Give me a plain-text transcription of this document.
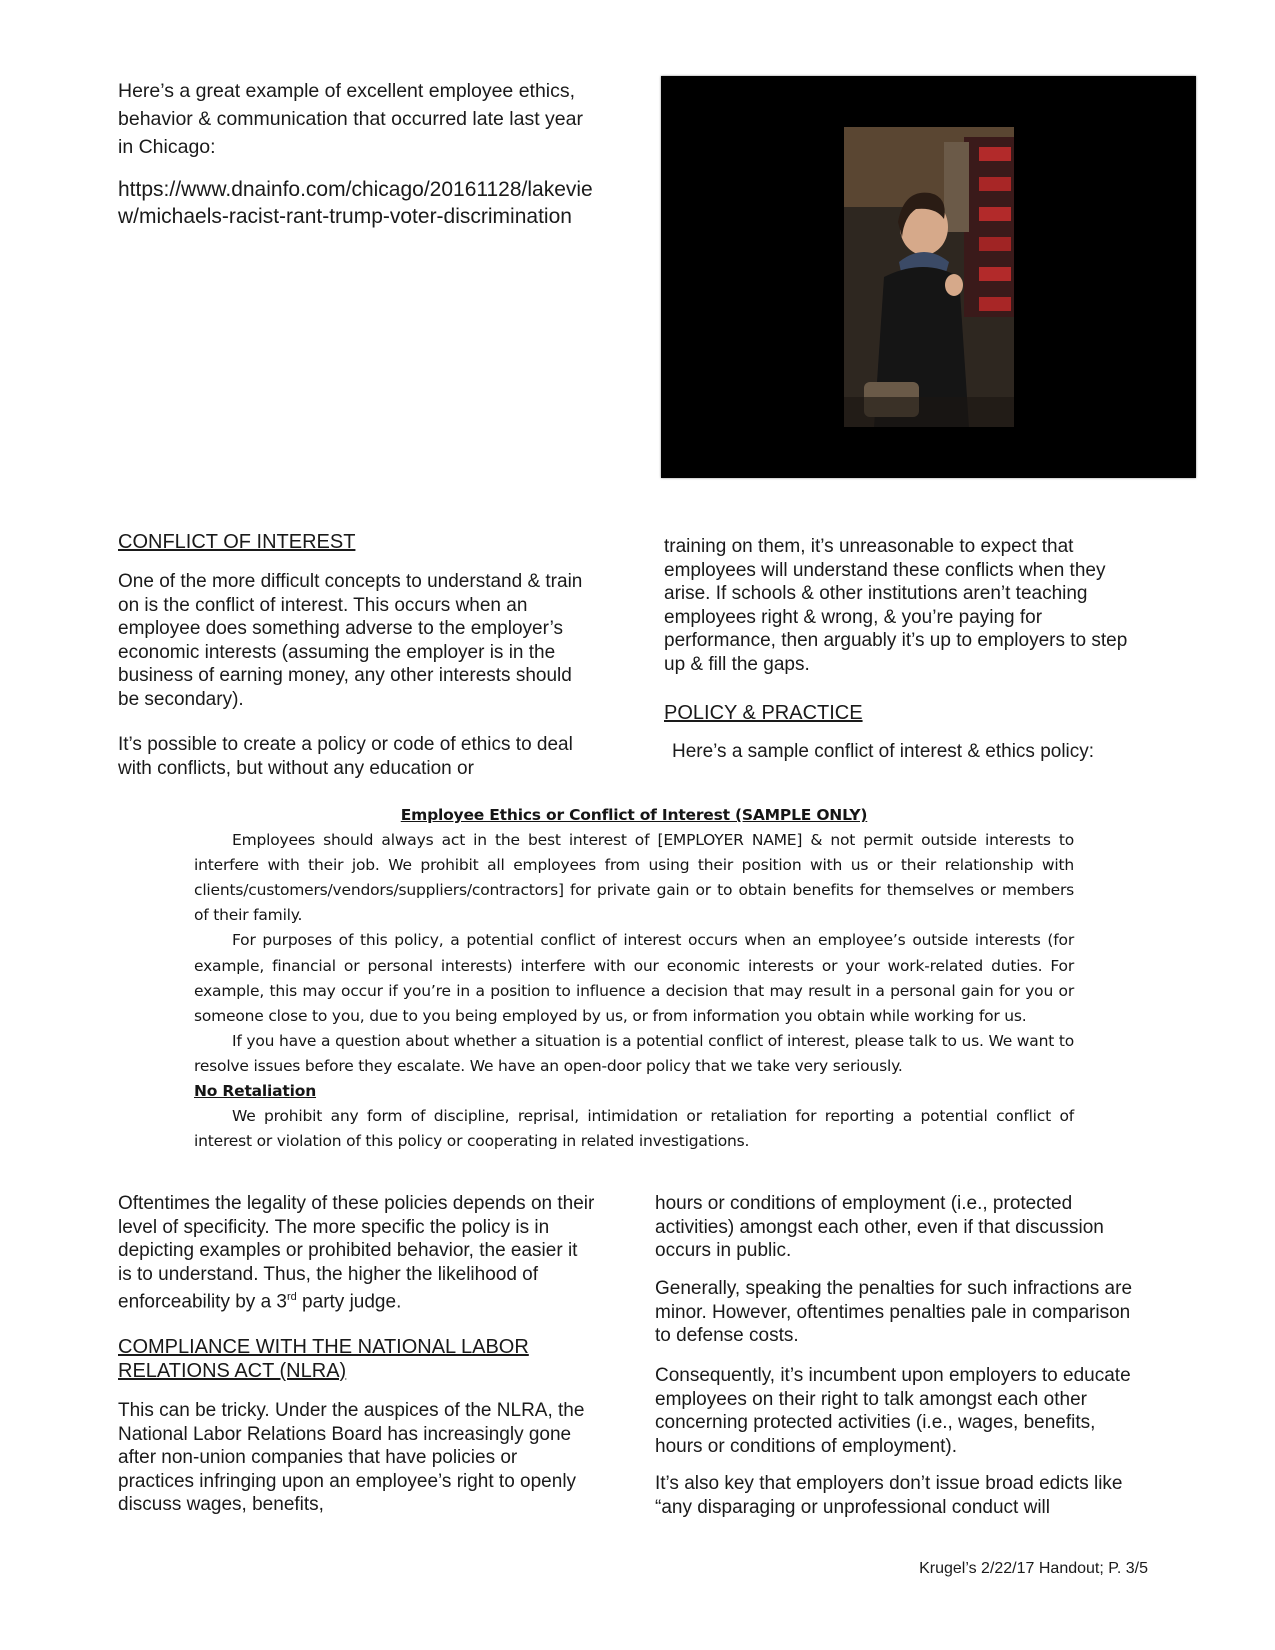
Here’s a great example of excellent employee ethics, behavior & communication that occurred late last year in Chicago:

https://www.dnainfo.com/chicago/20161128/lakeview/michaels-racist-rant-trump-voter-discrimination

CONFLICT OF INTEREST

One of the more difficult concepts to understand & train on is the conflict of interest. This occurs when an employee does something adverse to the employer’s economic interests (assuming the employer is in the business of earning money, any other interests should be secondary).

It’s possible to create a policy or code of ethics to deal with conflicts, but without any education or

training on them, it’s unreasonable to expect that employees will understand these conflicts when they arise. If schools & other institutions aren’t teaching employees right & wrong, & you’re paying for performance, then arguably it’s up to employers to step up & fill the gaps.

POLICY & PRACTICE

Here’s a sample conflict of interest & ethics policy:

Employee Ethics or Conflict of Interest (SAMPLE ONLY)

Employees should always act in the best interest of [EMPLOYER NAME] & not permit outside interests to interfere with their job. We prohibit all employees from using their position with us or their relationship with clients/customers/vendors/suppliers/contractors] for private gain or to obtain benefits for themselves or members of their family.

For purposes of this policy, a potential conflict of interest occurs when an employee’s outside interests (for example, financial or personal interests) interfere with our economic interests or your work-related duties. For example, this may occur if you’re in a position to influence a decision that may result in a personal gain for you or someone close to you, due to you being employed by us, or from information you obtain while working for us.

If you have a question about whether a situation is a potential conflict of interest, please talk to us. We want to resolve issues before they escalate. We have an open-door policy that we take very seriously.

No Retaliation

We prohibit any form of discipline, reprisal, intimidation or retaliation for reporting a potential conflict of interest or violation of this policy or cooperating in related investigations.

Oftentimes the legality of these policies depends on their level of specificity. The more specific the policy is in depicting examples or prohibited behavior, the easier it is to understand. Thus, the higher the likelihood of enforceability by a 3rd party judge.

COMPLIANCE WITH THE NATIONAL LABOR RELATIONS ACT (NLRA)

This can be tricky. Under the auspices of the NLRA, the National Labor Relations Board has increasingly gone after non-union companies that have policies or practices infringing upon an employee’s right to openly discuss wages, benefits,

hours or conditions of employment (i.e., protected activities) amongst each other, even if that discussion occurs in public.

Generally, speaking the penalties for such infractions are minor. However, oftentimes penalties pale in comparison to defense costs.

Consequently, it’s incumbent upon employers to educate employees on their right to talk amongst each other concerning protected activities (i.e., wages, benefits, hours or conditions of employment).

It’s also key that employers don’t issue broad edicts like “any disparaging or unprofessional conduct will

Krugel’s 2/22/17 Handout; P. 3/5
